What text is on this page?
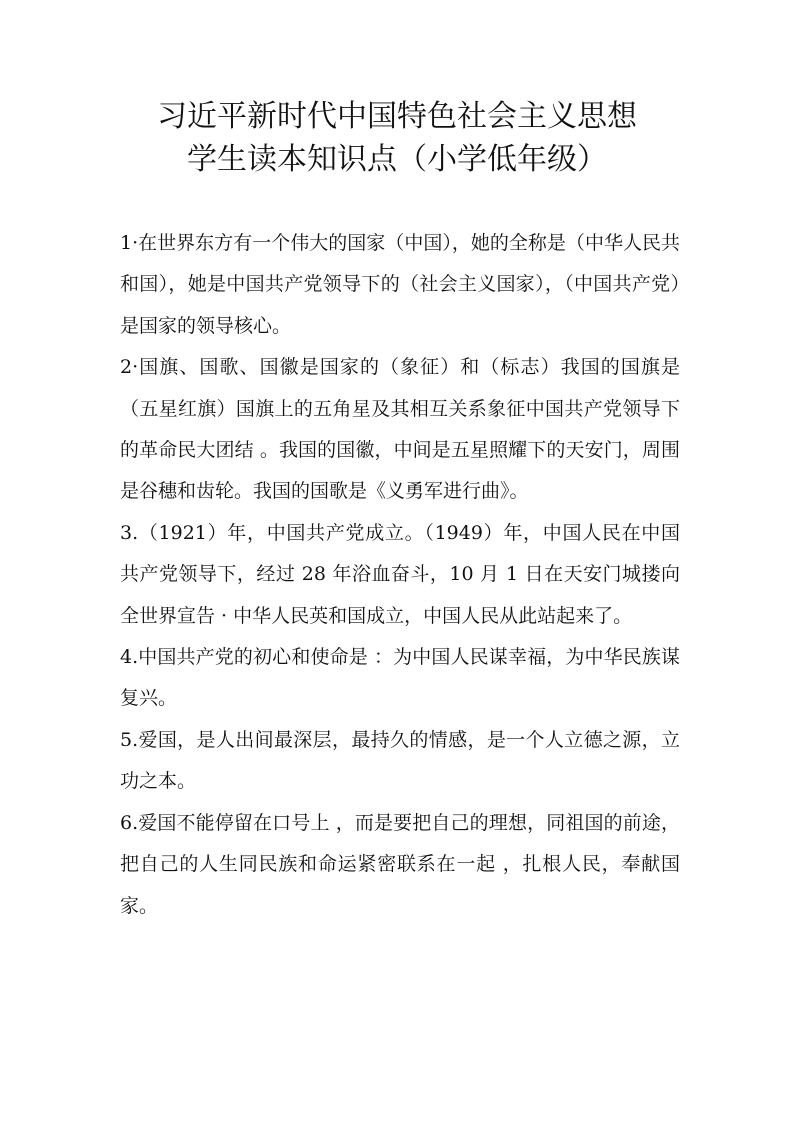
习近平新时代中国特色社会主义思想
学生读本知识点（小学低年级）

1·在世界东方有一个伟大的国家（中国），她的全称是（中华人民共和国），她是中国共产党领导下的（社会主义国家），（中国共产党）是国家的领导核心。

2·国旗、国歌、国徽是国家的（象征）和（标志）我国的国旗是（五星红旗）国旗上的五角星及其相互关系象征中国共产党领导下的革命民大团结 。我国的国徽，中间是五星照耀下的天安门，周围是谷穗和齿轮。我国的国歌是《义勇军进行曲》。

3.（1921）年，中国共产党成立。（1949）年，中国人民在中国共产党领导下，经过 28 年浴血奋斗，10 月 1 日在天安门城搂向全世界宣告 · 中华人民英和国成立，中国人民从此站起来了。

4.中国共产党的初心和使命是 ：为中国人民谋幸福，为中华民族谋复兴。

5.爱国，是人出间最深层，最持久的情感，是一个人立德之源，立功之本。

6.爱国不能停留在口号上 ，而是要把自己的理想，同祖国的前途，把自己的人生同民族和命运紧密联系在一起 ，扎根人民，奉献国家。
